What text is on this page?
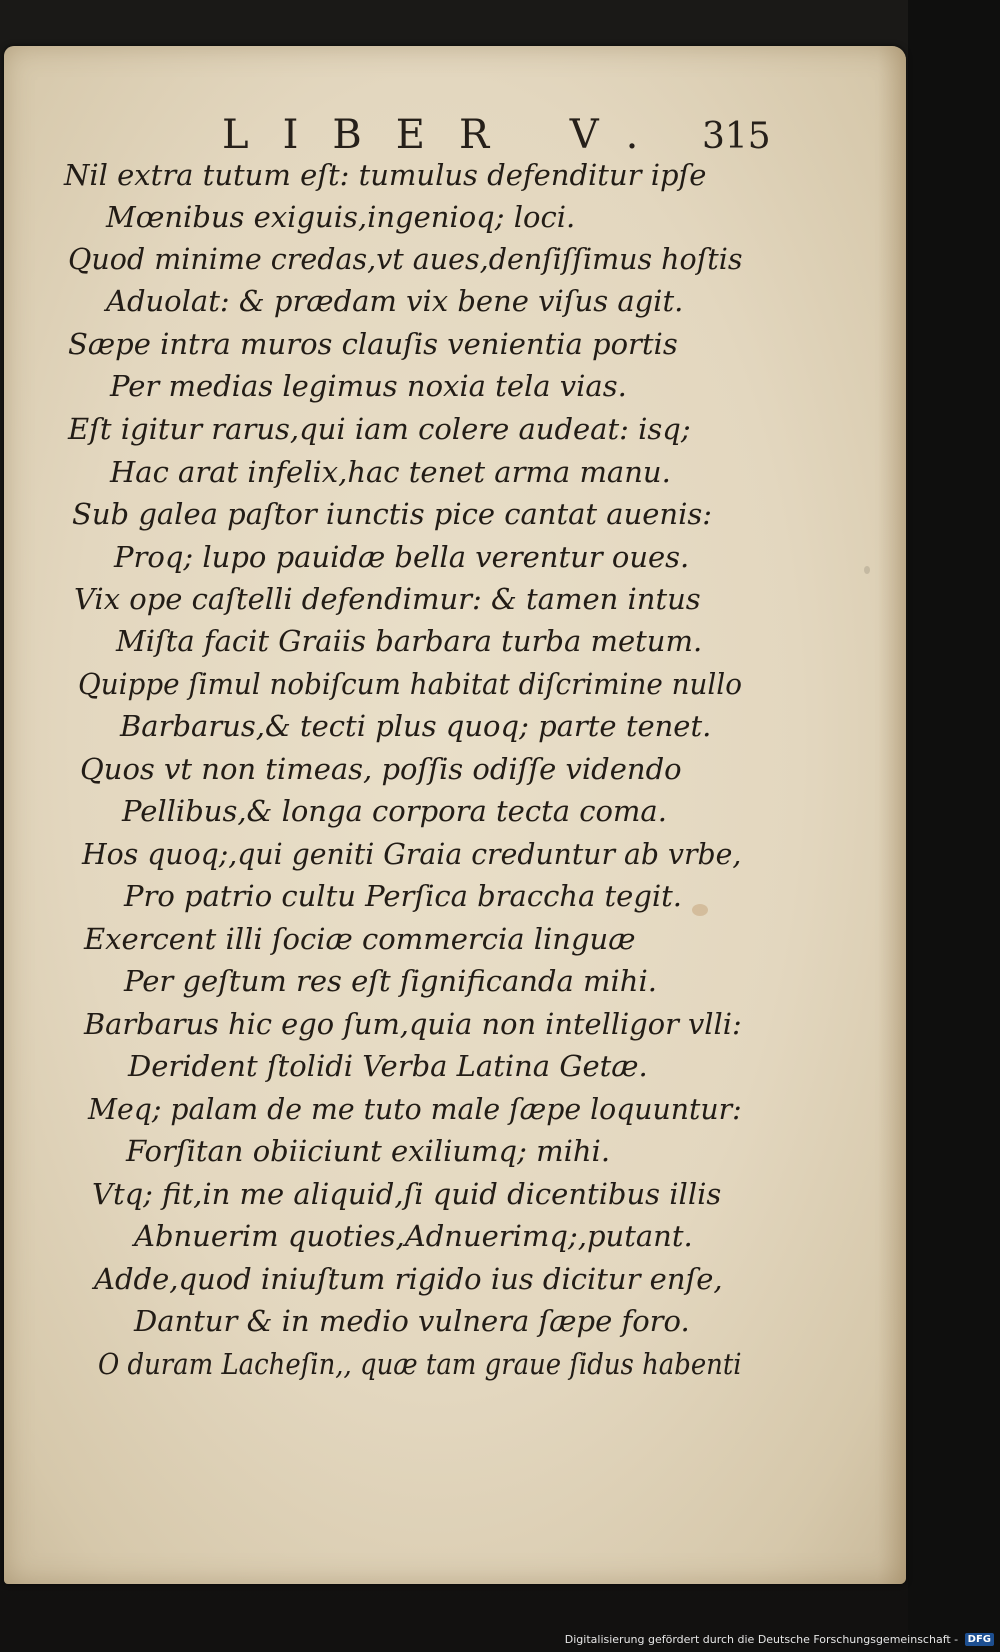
LIBER V. 315
Nil extra tutum eſt: tumulus defenditur ipſe
Mœnibus exiguis,ingenioq; loci.
Quod minime credas,vt aues,denſiſſimus hoſtis
Aduolat: & prædam vix bene viſus agit.
Sæpe intra muros clauſis venientia portis
Per medias legimus noxia tela vias.
Eſt igitur rarus,qui iam colere audeat: isq;
Hac arat infelix,hac tenet arma manu.
Sub galea paſtor iunctis pice cantat auenis:
Proq; lupo pauidæ bella verentur oues.
Vix ope caſtelli defendimur: & tamen intus
Miſta facit Graiis barbara turba metum.
Quippe ſimul nobiſcum habitat diſcrimine nullo
Barbarus,& tecti plus quoq; parte tenet.
Quos vt non timeas, poſſis odiſſe videndo
Pellibus,& longa corpora tecta coma.
Hos quoq;,qui geniti Graia creduntur ab vrbe,
Pro patrio cultu Perſica braccha tegit.
Exercent illi ſociæ commercia linguæ
Per geſtum res eſt ſignificanda mihi.
Barbarus hic ego ſum,quia non intelligor vlli:
Derident ſtolidi Verba Latina Getæ.
Meq; palam de me tuto male ſæpe loquuntur:
Forſitan obiiciunt exiliumq; mihi.
Vtq; fit,in me aliquid,ſi quid dicentibus illis
Abnuerim quoties,Adnuerimq;,putant.
Adde,quod iniuſtum rigido ius dicitur enſe,
Dantur & in medio vulnera ſæpe foro.
O duram Lacheſin,, quæ tam graue ſidus habenti
Digitalisierung gefördert durch die Deutsche Forschungsgemeinschaft - DFG
